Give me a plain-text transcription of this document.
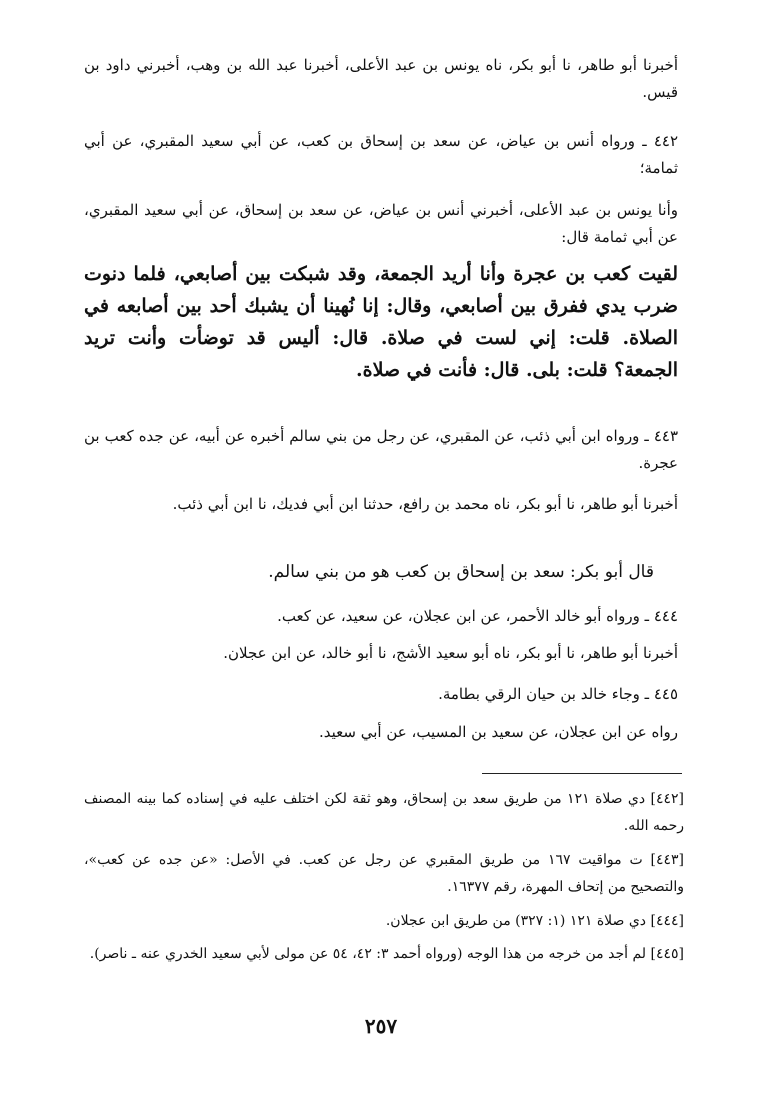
أخبرنا أبو طاهر، نا أبو بكر، ناه يونس بن عبد الأعلى، أخبرنا عبد الله بن وهب، أخبرني داود بن قيس.
٤٤٢ ـ ورواه أنس بن عياض، عن سعد بن إسحاق بن كعب، عن أبي سعيد المقبري، عن أبي ثمامة؛
وأنا يونس بن عبد الأعلى، أخبرني أنس بن عياض، عن سعد بن إسحاق، عن أبي سعيد المقبري، عن أبي ثمامة قال:
لقيت كعب بن عجرة وأنا أريد الجمعة، وقد شبكت بين أصابعي، فلما دنوت ضرب يدي ففرق بين أصابعي، وقال: إنا نُهينا أن يشبك أحد بين أصابعه في الصلاة. قلت: إني لست في صلاة. قال: أليس قد توضأت وأنت تريد الجمعة؟ قلت: بلى. قال: فأنت في صلاة.
٤٤٣ ـ ورواه ابن أبي ذئب، عن المقبري، عن رجل من بني سالم أخبره عن أبيه، عن جده كعب بن عجرة.
أخبرنا أبو طاهر، نا أبو بكر، ناه محمد بن رافع، حدثنا ابن أبي فديك، نا ابن أبي ذئب.
قال أبو بكر: سعد بن إسحاق بن كعب هو من بني سالم.
٤٤٤ ـ ورواه أبو خالد الأحمر، عن ابن عجلان، عن سعيد، عن كعب.
أخبرنا أبو طاهر، نا أبو بكر، ناه أبو سعيد الأشج، نا أبو خالد، عن ابن عجلان.
٤٤٥ ـ وجاء خالد بن حيان الرقي بطامة.
رواه عن ابن عجلان، عن سعيد بن المسيب، عن أبي سعيد.
[٤٤٢] دي صلاة ١٢١ من طريق سعد بن إسحاق، وهو ثقة لكن اختلف عليه في إسناده كما بينه المصنف رحمه الله.
[٤٤٣] ت مواقيت ١٦٧ من طريق المقبري عن رجل عن كعب. في الأصل: «عن جده عن كعب»، والتصحيح من إتحاف المهرة، رقم ١٦٣٧٧.
[٤٤٤] دي صلاة ١٢١ (١: ٣٢٧) من طريق ابن عجلان.
[٤٤٥] لم أجد من خرجه من هذا الوجه (ورواه أحمد ٣: ٤٢، ٥٤ عن مولى لأبي سعيد الخدري عنه ـ ناصر).
٢٥٧
